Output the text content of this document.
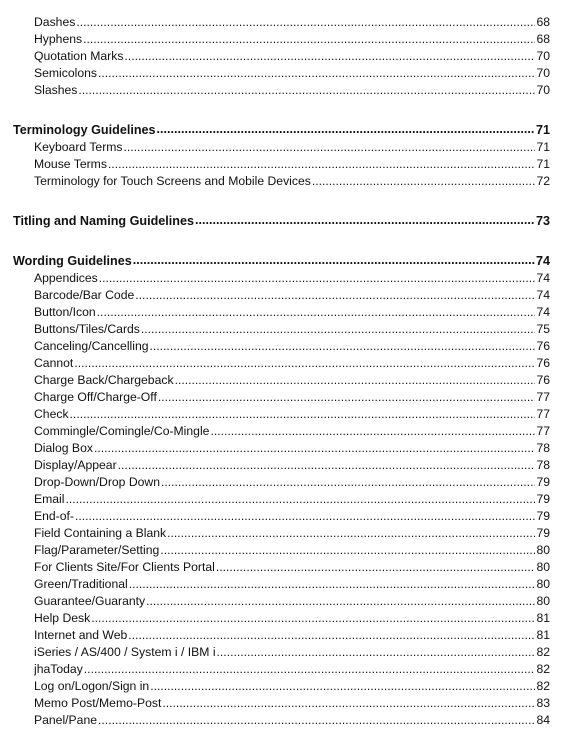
Dashes .....	68
Hyphens .....	68
Quotation Marks .....	70
Semicolons .....	70
Slashes .....	70
Terminology Guidelines .....	71
Keyboard Terms .....	71
Mouse Terms .....	71
Terminology for Touch Screens and Mobile Devices .....	72
Titling and Naming Guidelines .....	73
Wording Guidelines .....	74
Appendices .....	74
Barcode/Bar Code .....	74
Button/Icon .....	74
Buttons/Tiles/Cards .....	75
Canceling/Cancelling .....	76
Cannot .....	76
Charge Back/Chargeback .....	76
Charge Off/Charge-Off .....	77
Check .....	77
Commingle/Comingle/Co-Mingle .....	77
Dialog Box .....	78
Display/Appear .....	78
Drop-Down/Drop Down .....	79
Email .....	79
End-of- .....	79
Field Containing a Blank .....	79
Flag/Parameter/Setting .....	80
For Clients Site/For Clients Portal .....	80
Green/Traditional .....	80
Guarantee/Guaranty .....	80
Help Desk .....	81
Internet and Web .....	81
iSeries / AS/400 / System i / IBM i .....	82
jhaToday .....	82
Log on/Logon/Sign in .....	82
Memo Post/Memo-Post .....	83
Panel/Pane .....	84
